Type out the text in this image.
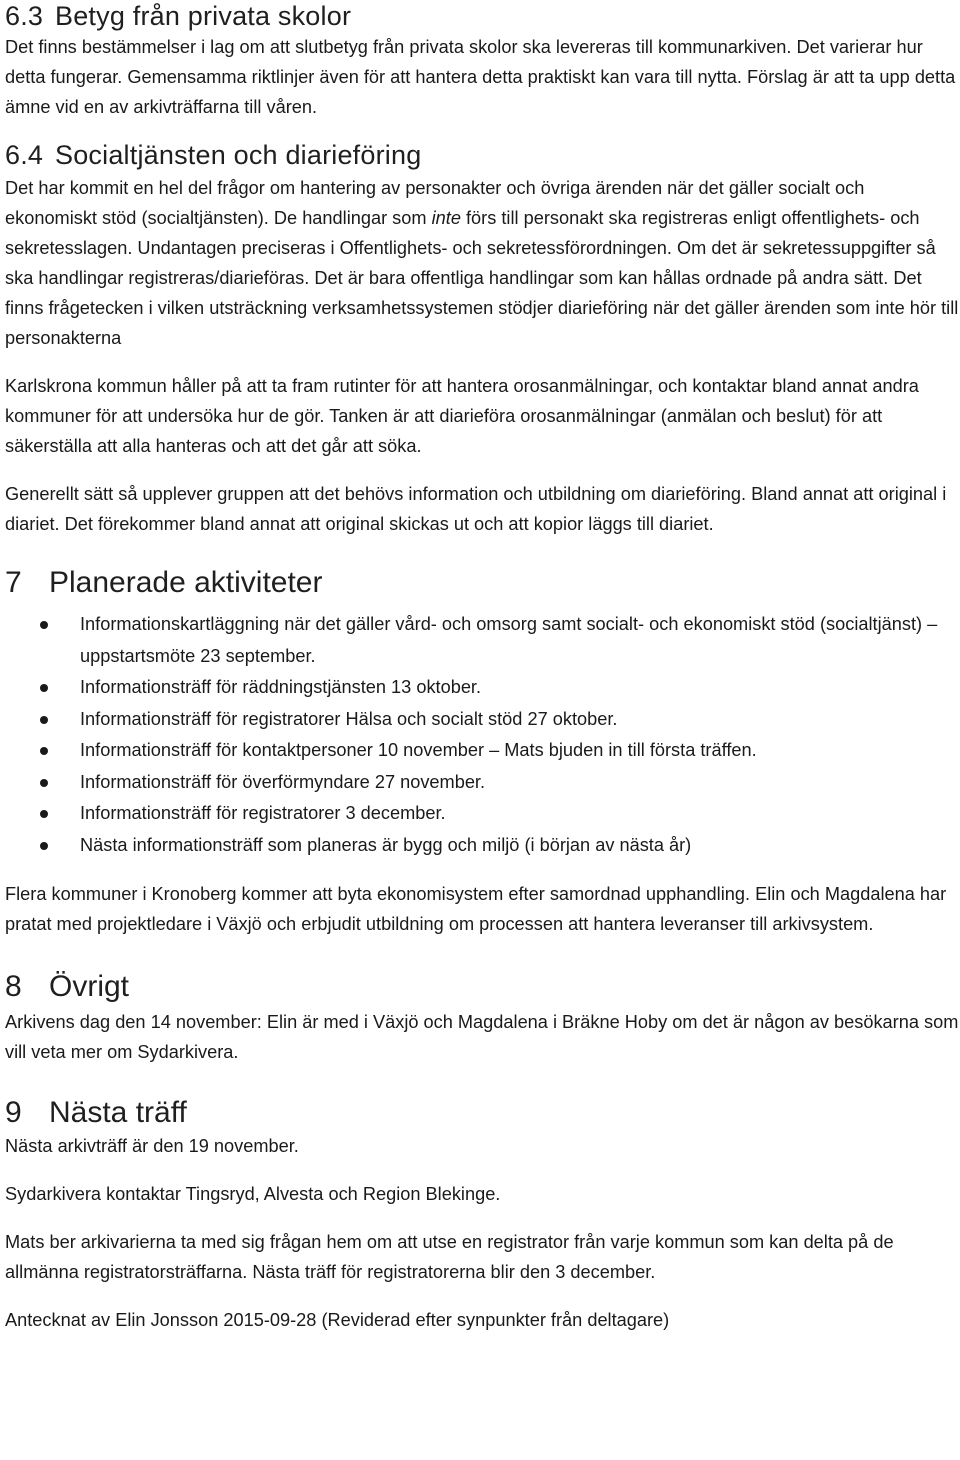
6.3 Betyg från privata skolor

Det finns bestämmelser i lag om att slutbetyg från privata skolor ska levereras till kommunarkiven. Det varierar hur detta fungerar. Gemensamma riktlinjer även för att hantera detta praktiskt kan vara till nytta. Förslag är att ta upp detta ämne vid en av arkivträffarna till våren.

6.4 Socialtjänsten och diarieföring

Det har kommit en hel del frågor om hantering av personakter och övriga ärenden när det gäller socialt och ekonomiskt stöd (socialtjänsten). De handlingar som inte förs till personakt ska registreras enligt offentlighets- och sekretesslagen. Undantagen preciseras i Offentlighets- och sekretessförordningen. Om det är sekretessuppgifter så ska handlingar registreras/diarieföras. Det är bara offentliga handlingar som kan hållas ordnade på andra sätt. Det finns frågetecken i vilken utsträckning verksamhetssystemen stödjer diarieföring när det gäller ärenden som inte hör till personakterna

Karlskrona kommun håller på att ta fram rutinter för att hantera orosanmälningar, och kontaktar bland annat andra kommuner för att undersöka hur de gör. Tanken är att diarieföra orosanmälningar (anmälan och beslut) för att säkerställa att alla hanteras och att det går att söka.

Generellt sätt så upplever gruppen att det behövs information och utbildning om diarieföring. Bland annat att original i diariet. Det förekommer bland annat att original skickas ut och att kopior läggs till diariet.

7 Planerade aktiviteter
Informationskartläggning när det gäller vård- och omsorg samt socialt- och ekonomiskt stöd (socialtjänst) – uppstartsmöte 23 september.
Informationsträff för räddningstjänsten 13 oktober.
Informationsträff för registratorer Hälsa och socialt stöd 27 oktober.
Informationsträff för kontaktpersoner 10 november – Mats bjuden in till första träffen.
Informationsträff för överförmyndare 27 november.
Informationsträff för registratorer 3 december.
Nästa informationsträff som planeras är bygg och miljö (i början av nästa år)

Flera kommuner i Kronoberg kommer att byta ekonomisystem efter samordnad upphandling. Elin och Magdalena har pratat med projektledare i Växjö och erbjudit utbildning om processen att hantera leveranser till arkivsystem.

8 Övrigt

Arkivens dag den 14 november: Elin är med i Växjö och Magdalena i Bräkne Hoby om det är någon av besökarna som vill veta mer om Sydarkivera.

9 Nästa träff

Nästa arkivträff är den 19 november.

Sydarkivera kontaktar Tingsryd, Alvesta och Region Blekinge.

Mats ber arkivarierna ta med sig frågan hem om att utse en registrator från varje kommun som kan delta på de allmänna registratorsträffarna. Nästa träff för registratorerna blir den 3 december.

Antecknat av Elin Jonsson 2015-09-28 (Reviderad efter synpunkter från deltagare)
